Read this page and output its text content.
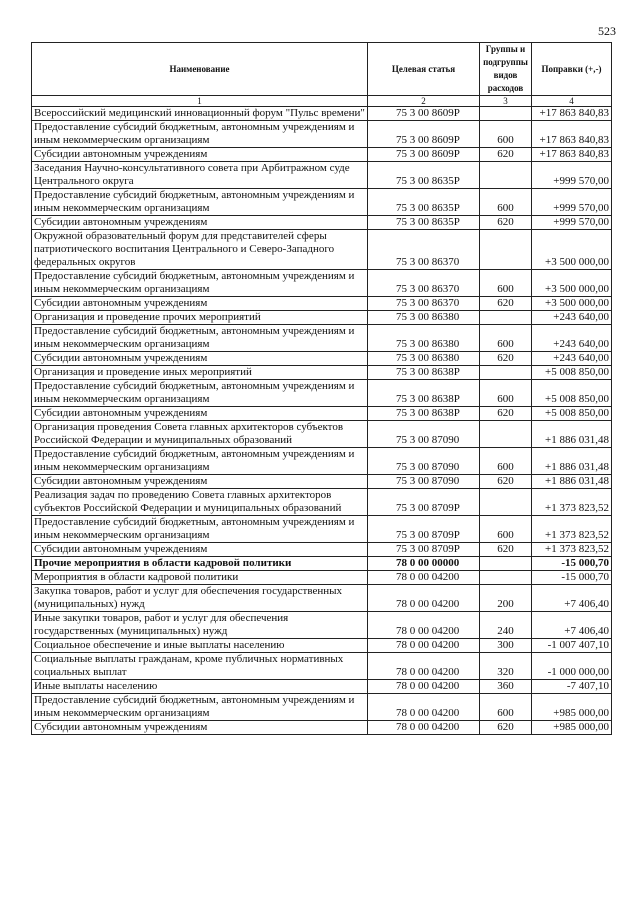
523
Наименование	Целевая статья	Группы и подгруппы видов расходов	Поправки (+,-)
1	2	3	4
Всероссийский медицинский инновационный форум "Пульс времени"	75 3 00 8609P		+17 863 840,83
Предоставление субсидий бюджетным, автономным учреждениям и иным некоммерческим организациям	75 3 00 8609P	600	+17 863 840,83
Субсидии автономным учреждениям	75 3 00 8609P	620	+17 863 840,83
Заседания Научно-консультативного совета при Арбитражном суде Центрального округа	75 3 00 8635P		+999 570,00
Предоставление субсидий бюджетным, автономным учреждениям и иным некоммерческим организациям	75 3 00 8635P	600	+999 570,00
Субсидии автономным учреждениям	75 3 00 8635P	620	+999 570,00
Окружной образовательный форум для представителей сферы патриотического воспитания Центрального и Северо-Западного федеральных округов	75 3 00 86370		+3 500 000,00
Предоставление субсидий бюджетным, автономным учреждениям и иным некоммерческим организациям	75 3 00 86370	600	+3 500 000,00
Субсидии автономным учреждениям	75 3 00 86370	620	+3 500 000,00
Организация и проведение прочих мероприятий	75 3 00 86380		+243 640,00
Предоставление субсидий бюджетным, автономным учреждениям и иным некоммерческим организациям	75 3 00 86380	600	+243 640,00
Субсидии автономным учреждениям	75 3 00 86380	620	+243 640,00
Организация и проведение иных мероприятий	75 3 00 8638P		+5 008 850,00
Предоставление субсидий бюджетным, автономным учреждениям и иным некоммерческим организациям	75 3 00 8638P	600	+5 008 850,00
Субсидии автономным учреждениям	75 3 00 8638P	620	+5 008 850,00
Организация проведения Совета главных архитекторов субъектов Российской Федерации и муниципальных образований	75 3 00 87090		+1 886 031,48
Предоставление субсидий бюджетным, автономным учреждениям и иным некоммерческим организациям	75 3 00 87090	600	+1 886 031,48
Субсидии автономным учреждениям	75 3 00 87090	620	+1 886 031,48
Реализация задач по проведению Совета главных архитекторов субъектов Российской Федерации и муниципальных образований	75 3 00 8709P		+1 373 823,52
Предоставление субсидий бюджетным, автономным учреждениям и иным некоммерческим организациям	75 3 00 8709P	600	+1 373 823,52
Субсидии автономным учреждениям	75 3 00 8709P	620	+1 373 823,52
Прочие мероприятия в области кадровой политики	78 0 00 00000		-15 000,70
Мероприятия в области кадровой политики	78 0 00 04200		-15 000,70
Закупка товаров, работ и услуг для обеспечения государственных (муниципальных) нужд	78 0 00 04200	200	+7 406,40
Иные закупки товаров, работ и услуг для обеспечения государственных (муниципальных) нужд	78 0 00 04200	240	+7 406,40
Социальное обеспечение и иные выплаты населению	78 0 00 04200	300	-1 007 407,10
Социальные выплаты гражданам, кроме публичных нормативных социальных выплат	78 0 00 04200	320	-1 000 000,00
Иные выплаты населению	78 0 00 04200	360	-7 407,10
Предоставление субсидий бюджетным, автономным учреждениям и иным некоммерческим организациям	78 0 00 04200	600	+985 000,00
Субсидии автономным учреждениям	78 0 00 04200	620	+985 000,00
